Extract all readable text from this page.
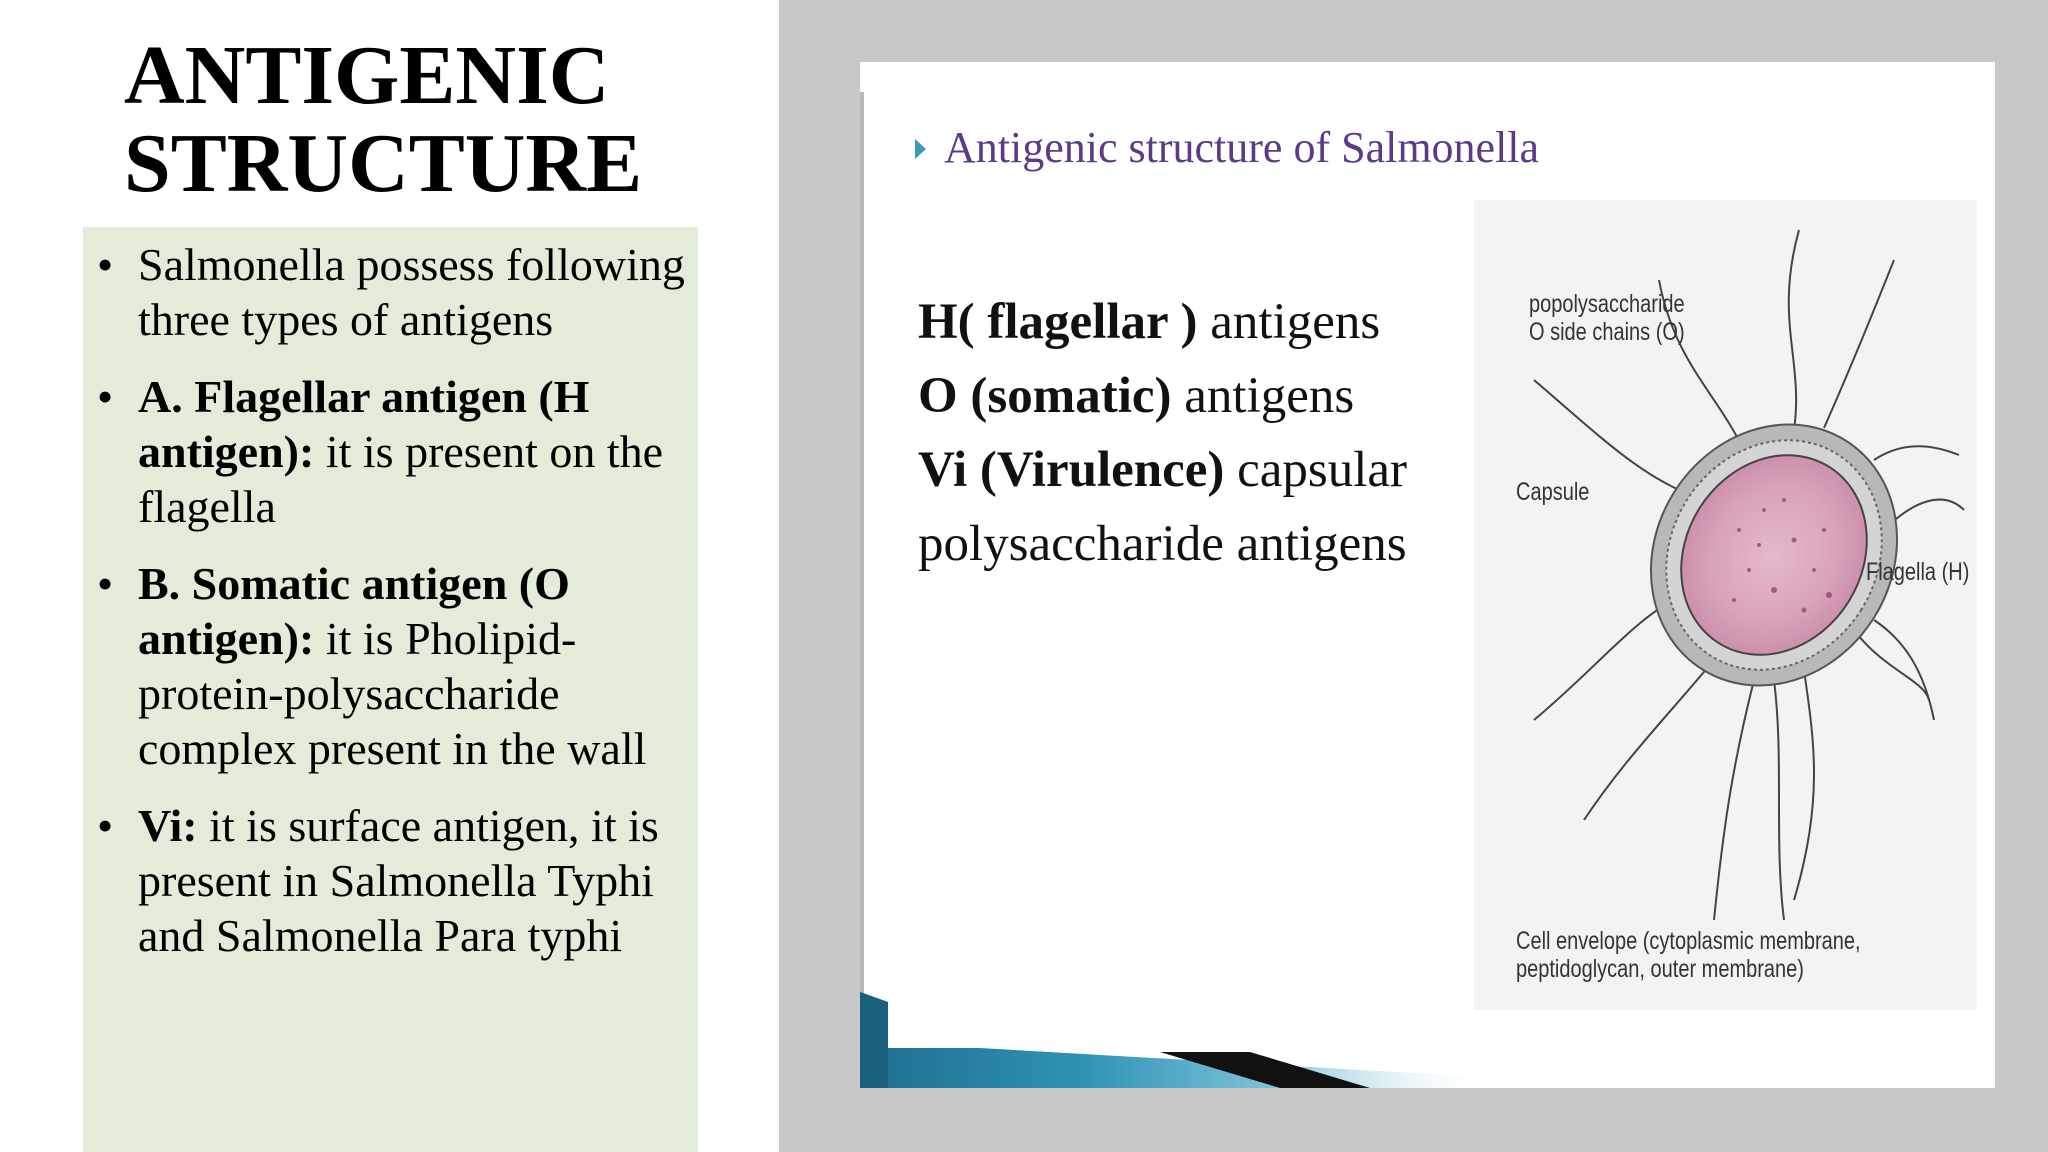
ANTIGENIC
STRUCTURE
• Salmonella possess following three types of antigens
• A. Flagellar antigen (H antigen): it is present on the flagella
• B. Somatic antigen (O antigen): it is Pholipid-protein-polysaccharide complex present in the wall
• Vi: it is surface antigen, it is present in Salmonella Typhi and Salmonella Para typhi
Antigenic structure of Salmonella
H( flagellar ) antigens
O (somatic) antigens
Vi (Virulence) capsular
polysaccharide antigens
popolysaccharide
O side chains (O)
Capsule
Flagella (H)
Cell envelope (cytoplasmic membrane,
peptidoglycan, outer membrane)
